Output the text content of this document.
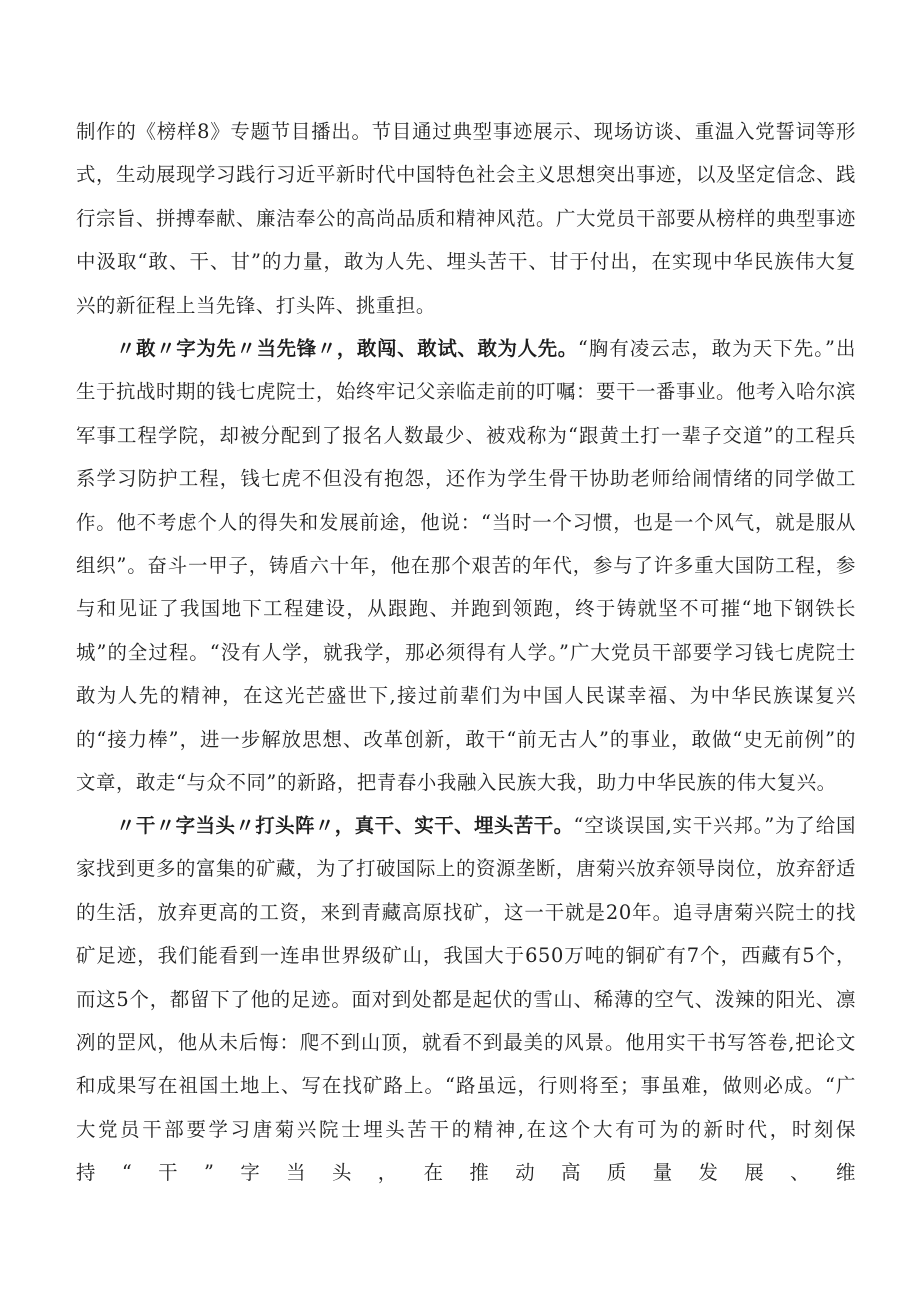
制作的《榜样8》专题节目播出。节目通过典型事迹展示、现场访谈、重温入党誓词等形式，生动展现学习践行习近平新时代中国特色社会主义思想突出事迹，以及坚定信念、践行宗旨、拼搏奉献、廉洁奉公的高尚品质和精神风范。广大党员干部要从榜样的典型事迹中汲取“敢、干、甘”的力量，敢为人先、埋头苦干、甘于付出，在实现中华民族伟大复兴的新征程上当先锋、打头阵、挑重担。

〃敢〃字为先〃当先锋〃，敢闯、敢试、敢为人先。“胸有凌云志，敢为天下先。”出生于抗战时期的钱七虎院士，始终牢记父亲临走前的叮嘱：要干一番事业。他考入哈尔滨军事工程学院，却被分配到了报名人数最少、被戏称为“跟黄土打一辈子交道”的工程兵系学习防护工程，钱七虎不但没有抱怨，还作为学生骨干协助老师给闹情绪的同学做工作。他不考虑个人的得失和发展前途，他说：“当时一个习惯，也是一个风气，就是服从组织”。奋斗一甲子，铸盾六十年，他在那个艰苦的年代，参与了许多重大国防工程，参与和见证了我国地下工程建设，从跟跑、并跑到领跑，终于铸就坚不可摧“地下钢铁长城”的全过程。“没有人学，就我学，那必须得有人学。”广大党员干部要学习钱七虎院士敢为人先的精神，在这光芒盛世下,接过前辈们为中国人民谋幸福、为中华民族谋复兴的“接力棒”，进一步解放思想、改革创新，敢干“前无古人”的事业，敢做“史无前例”的文章，敢走“与众不同”的新路，把青春小我融入民族大我，助力中华民族的伟大复兴。

〃干〃字当头〃打头阵〃，真干、实干、埋头苦干。“空谈误国,实干兴邦。”为了给国家找到更多的富集的矿藏，为了打破国际上的资源垄断，唐菊兴放弃领导岗位，放弃舒适的生活，放弃更高的工资，来到青藏高原找矿，这一干就是20年。追寻唐菊兴院士的找矿足迹，我们能看到一连串世界级矿山，我国大于650万吨的铜矿有7个，西藏有5个，而这5个，都留下了他的足迹。面对到处都是起伏的雪山、稀薄的空气、泼辣的阳光、凛冽的罡风，他从未后悔：爬不到山顶，就看不到最美的风景。他用实干书写答卷,把论文和成果写在祖国土地上、写在找矿路上。“路虽远，行则将至；事虽难，做则必成。“广大党员干部要学习唐菊兴院士埋头苦干的精神,在这个大有可为的新时代，时刻保持“干”字当头，在推动高质量发展、维
